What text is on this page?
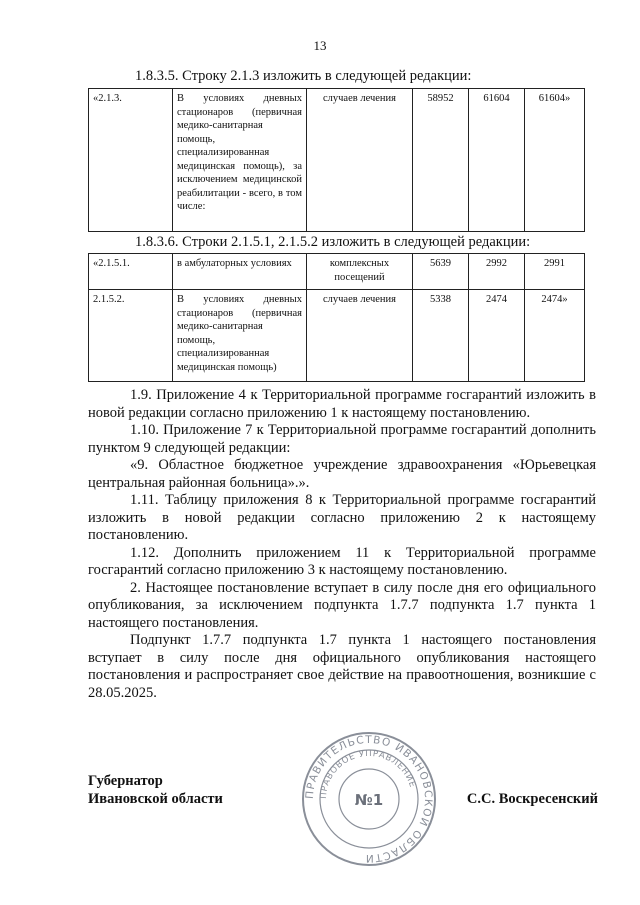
13
1.8.3.5. Строку 2.1.3 изложить в следующей редакции:
«2.1.3.	В условиях дневных стационаров (первичная медико-санитарная помощь, специализированная медицинская помощь), за исключением медицинской реабилитации - всего, в том числе:	случаев лечения	58952	61604	61604»
1.8.3.6. Строки 2.1.5.1, 2.1.5.2 изложить в следующей редакции:
«2.1.5.1.	в амбулаторных условиях	комплексных посещений	5639	2992	2991
2.1.5.2.	В условиях дневных стационаров (первичная медико-санитарная помощь, специализированная медицинская помощь)	случаев лечения	5338	2474	2474»

1.9. Приложение 4 к Территориальной программе госгарантий изложить в новой редакции согласно приложению 1 к настоящему постановлению.

1.10. Приложение 7 к Территориальной программе госгарантий дополнить пунктом 9 следующей редакции:

«9. Областное бюджетное учреждение здравоохранения «Юрьевецкая центральная районная больница».».

1.11. Таблицу приложения 8 к Территориальной программе госгарантий изложить в новой редакции согласно приложению 2 к настоящему постановлению.

1.12. Дополнить приложением 11 к Территориальной программе госгарантий согласно приложению 3 к настоящему постановлению.

2. Настоящее постановление вступает в силу после дня его официального опубликования, за исключением подпункта 1.7.7 подпункта 1.7 пункта 1 настоящего постановления.

Подпункт 1.7.7 подпункта 1.7 пункта 1 настоящего постановления вступает в силу после дня официального опубликования настоящего постановления и распространяет свое действие на правоотношения, возникшие с 28.05.2025.

Губернатор
Ивановской области	С.С. Воскресенский
ПРАВИТЕЛЬСТВО ИВАНОВСКОЙ ОБЛАСТИ
ПРАВОВОЕ УПРАВЛЕНИЕ
№1
